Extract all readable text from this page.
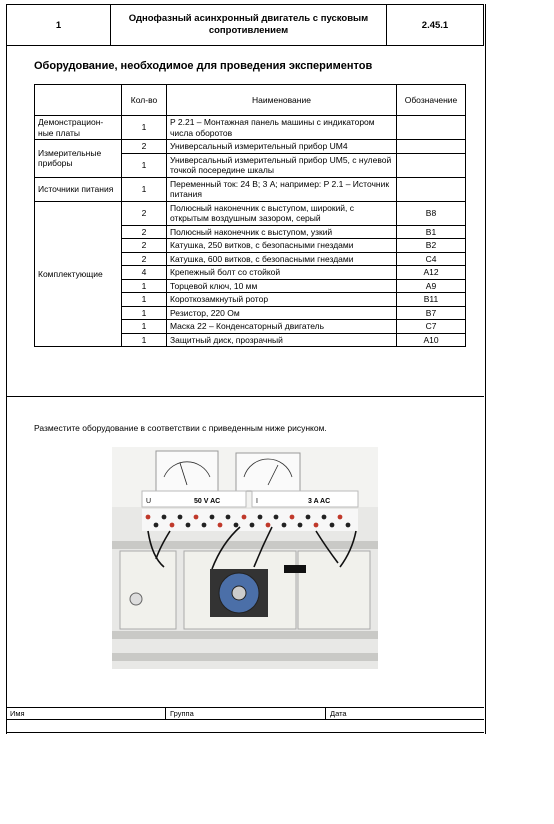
1
Однофазный асинхронный двигатель с пусковым сопротивлением	2.45.1
Оборудование, необходимое для проведения экспериментов
	Кол-во	Наименование	Обозначение
Демонстрацион-ные платы	1	P 2.21 – Монтажная панель машины с индикатором числа оборотов	
Измерительные приборы	2	Универсальный измерительный прибор UM4	
	1	Универсальный измерительный прибор UM5, с нулевой точкой посередине шкалы	
Источники питания	1	Переменный ток: 24 В; 3 А; например: P 2.1 – Источник питания	
Комплектующие	2	Полюсный наконечник с выступом, широкий, с открытым воздушным зазором, серый	B8
	2	Полюсный наконечник с выступом, узкий	B1
	2	Катушка, 250 витков, с безопасными гнездами	B2
	2	Катушка, 600 витков, с безопасными гнездами	C4
	4	Крепежный болт со стойкой	A12
	1	Торцевой ключ, 10 мм	A9
	1	Короткозамкнутый ротор	B11
	1	Резистор, 220 Ом	B7
	1	Маска 22 – Конденсаторный двигатель	C7
	1	Защитный диск, прозрачный	A10
Разместите оборудование в соответствии с приведенным ниже рисунком.
U	50 V AC	I	3 A AC
Имя	Группа	Дата
